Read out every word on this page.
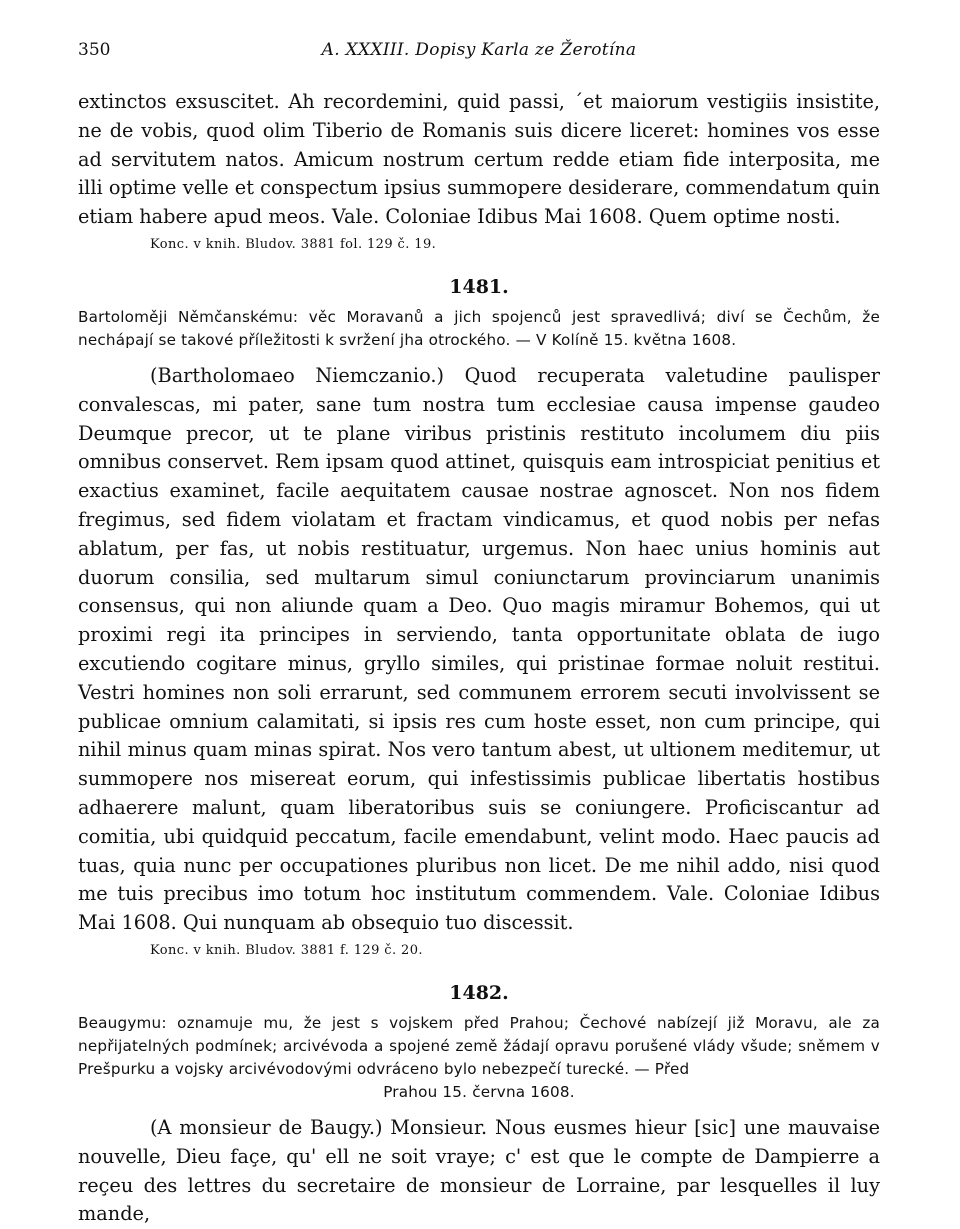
350	A. XXXIII. Dopisy Karla ze Žerotína

extinctos exsuscitet. Ah recordemini, quid passi, ´et maiorum vestigiis insistite, ne de vobis, quod olim Tiberio de Romanis suis dicere liceret: homines vos esse ad servitutem natos. Amicum nostrum certum redde etiam fide interposita, me illi optime velle et conspectum ipsius summopere desiderare, commendatum quin etiam habere apud meos. Vale. Coloniae Idibus Mai 1608. Quem optime nosti.

Konc. v knih. Bludov. 3881 fol. 129 č. 19.
1481.
Bartoloměji Němčanskému: věc Moravanů a jich spojenců jest spravedlivá; diví se Čechům, že nechápají se takové příležitosti k svržení jha otrockého. — V Kolíně 15. května 1608.

(Bartholomaeo Niemczanio.) Quod recuperata valetudine paulisper convalescas, mi pater, sane tum nostra tum ecclesiae causa impense gaudeo Deumque precor, ut te plane viribus pristinis restituto incolumem diu piis omnibus conservet. Rem ipsam quod attinet, quisquis eam introspiciat penitius et exactius examinet, facile aequitatem causae nostrae agnoscet. Non nos fidem fregimus, sed fidem violatam et fractam vindicamus, et quod nobis per nefas ablatum, per fas, ut nobis restituatur, urgemus. Non haec unius hominis aut duorum consilia, sed multarum simul coniunctarum provinciarum unanimis consensus, qui non aliunde quam a Deo. Quo magis miramur Bohemos, qui ut proximi regi ita principes in serviendo, tanta opportunitate oblata de iugo excutiendo cogitare minus, gryllo similes, qui pristinae formae noluit restitui. Vestri homines non soli errarunt, sed communem errorem secuti involvissent se publicae omnium calamitati, si ipsis res cum hoste esset, non cum principe, qui nihil minus quam minas spirat. Nos vero tantum abest, ut ultionem meditemur, ut summopere nos misereat eorum, qui infestissimis publicae libertatis hostibus adhaerere malunt, quam liberatoribus suis se coniungere. Proficiscantur ad comitia, ubi quidquid peccatum, facile emendabunt, velint modo. Haec paucis ad tuas, quia nunc per occupationes pluribus non licet. De me nihil addo, nisi quod me tuis precibus imo totum hoc institutum commendem. Vale. Coloniae Idibus Mai 1608. Qui nunquam ab obsequio tuo discessit.

Konc. v knih. Bludov. 3881 f. 129 č. 20.
1482.
Beaugymu: oznamuje mu, že jest s vojskem před Prahou; Čechové nabízejí již Moravu, ale za nepřijatelných podmínek; arcivévoda a spojené země žádají opravu porušené vlády všude; sněmem v Prešpurku a vojsky arcivévodovými odvráceno bylo nebezpečí turecké. — Před
Prahou 15. června 1608.

(A monsieur de Baugy.) Monsieur. Nous eusmes hieur [sic] une mauvaise nouvelle, Dieu façe, qu' ell ne soit vraye; c' est que le compte de Dampierre a reçeu des lettres du secretaire de monsieur de Lorraine, par lesquelles il luy mande,
